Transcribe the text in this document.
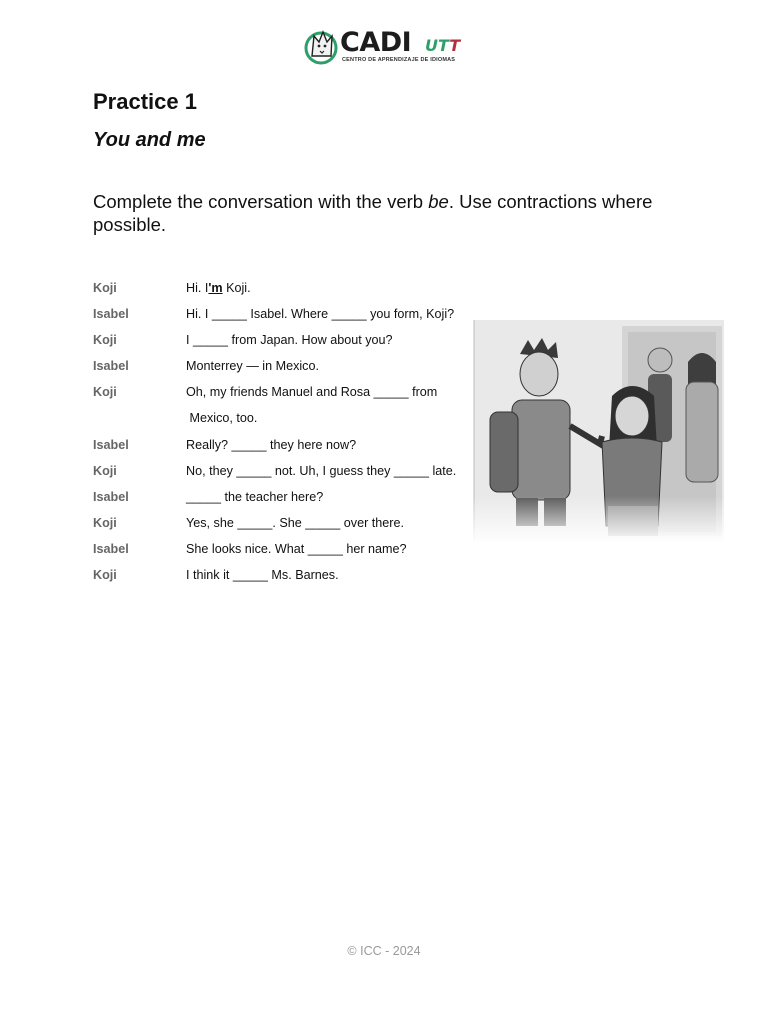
CADI UTT
CENTRO DE APRENDIZAJE DE IDIOMAS
Practice 1
You and me

Complete the conversation with the verb be. Use contractions where possible.

Koji	Hi. I'm Koji.
Isabel	Hi. I _____ Isabel. Where _____ you form, Koji?
Koji	I _____ from Japan. How about you?
Isabel	Monterrey — in Mexico.
Koji	Oh, my friends Manuel and Rosa _____ from
Mexico, too.
Isabel	Really? _____ they here now?
Koji	No, they _____ not. Uh, I guess they _____ late.
Isabel	_____ the teacher here?
Koji	Yes, she _____. She _____ over there.
Isabel	She looks nice. What _____ her name?
Koji	I think it _____ Ms. Barnes.
© ICC - 2024
